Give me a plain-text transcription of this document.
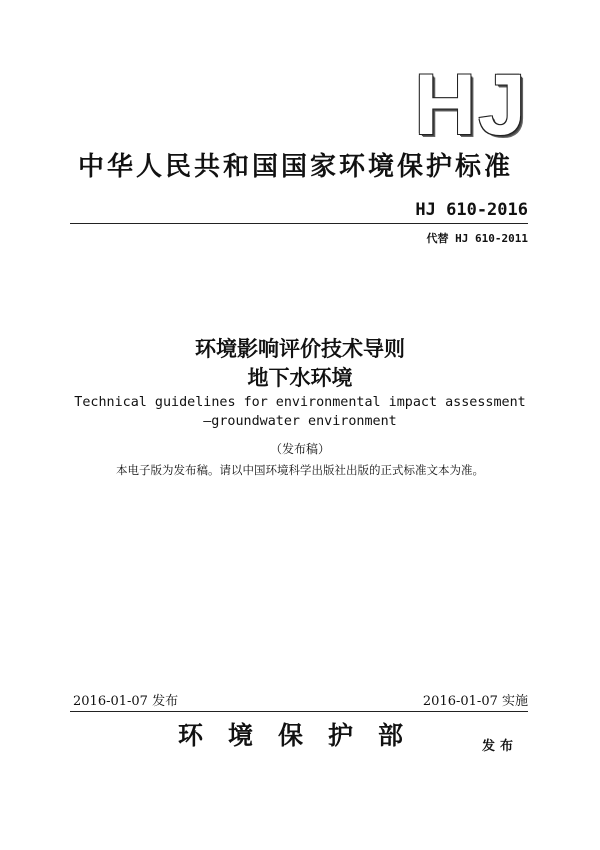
HJ
中华人民共和国国家环境保护标准
HJ 610-2016
代替 HJ 610-2011
环境影响评价技术导则
地下水环境
Technical guidelines for environmental impact assessment
—groundwater environment
（发布稿）
本电子版为发布稿。请以中国环境科学出版社出版的正式标准文本为准。
2016-01-07 发布	2016-01-07 实施
环境保护部	发布
